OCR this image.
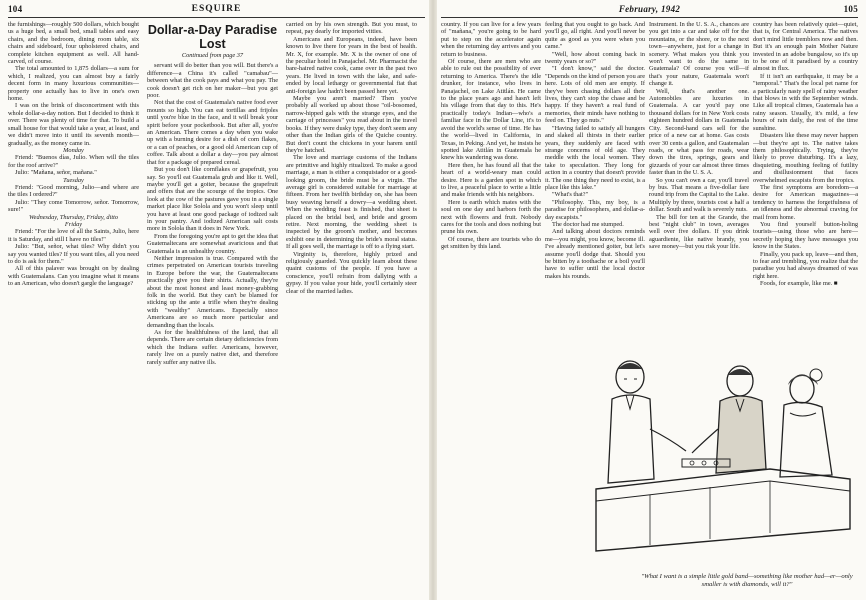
104	ESQUIRE

the furnishings—roughly 500 dollars, which bought us a huge bed, a small bed, small tables and easy chairs, and the bedroom, dining room table, six chairs and sideboard, four upholstered chairs, and complete kitchen equipment as well. All hand-carved, of course.

The total amounted to 1,875 dollars—a sum for which, I realized, you can almost buy a fairly decent form in many luxurious communities—property one actually has to live in one's own home.

I was on the brink of disconcertment with this whole dollar-a-day notion. But I decided to think it over. There was plenty of time for that. To build a small house for that would take a year, at least, and we didn't move into it until its seventh month—gradually, as the money came in.

Monday

Friend: "Buenos días, Julio. When will the tiles for the roof arrive?"

Julio: "Mañana, señor, mañana."

Tuesday

Friend: "Good morning, Julio—and where are the tiles I ordered?"

Julio: "They come Tomorrow, señor. Tomorrow, sure!"

Wednesday, Thursday, Friday, ditto

Friday

Friend: "For the love of all the Saints, Julio, here it is Saturday, and still I have no tiles!"

Julio: "But, señor, what tiles? Why didn't you say you wanted tiles? If you want tiles, all you need to do is ask for them."

All of this palaver was brought on by dealing with Guatemalans. Can you imagine what it means to an American, who doesn't gargle the language?

Dollar-a-Day Paradise Lost
Continued from page 37

servant will do better than you will. But there's a difference—a China it's called "camabau"—between what the cook pays and what you pay. The cook doesn't get rich on her maker—but you get poor.

Not that the cost of Guatemala's native food ever mounts so high. You can eat tortillas and frijoles until you're blue in the face, and it will break your spirit before your pocketbook. But after all, you're an American. There comes a day when you wake up with a burning desire for a dish of corn flakes, or a can of peaches, or a good old American cup of coffee. Talk about a dollar a day—you pay almost that for a package of prepared cereal.

But you don't like cornflakes or grapefruit, you say. So you'll eat Guatemala grub and like it. Well, maybe you'll get a goiter, because the grapefruit and offers that are the scourge of the tropics. One look at the cow of the pastures gave you in a single market place like Solola and you won't sleep until you have at least one good package of iodized salt in your pantry. And iodized American salt costs more in Solola than it does in New York.

From the foregoing you're apt to get the idea that Guatemaltecans are somewhat avaricious and that Guatemala is an unhealthy country.

Neither impression is true. Compared with the crimes perpetrated on American tourists traveling in Europe before the war, the Guatemaltecans practically give you their shirts. Actually, they're about the most honest and least money-grabbing folk in the world. But they can't be blamed for sticking up the ante a trifle when they're dealing with "wealthy" Americans. Especially since Americans are so much more particular and demanding than the locals.

As for the healthfulness of the land, that all depends. There are certain dietary deficiencies from which the Indians suffer. Americans, however, rarely live on a purely native diet, and therefore rarely suffer any native ills.

carried on by his own strength. But you must, to repeat, pay dearly for imported vitties.

Americans and Europeans, indeed, have been known to live there for years in the best of health. Mr. X, for example. Mr. X is the owner of one of the peculiar hotel in Panajachel. Mr. Pharmacist the bare-haired native cook, came over in the past two years. He lived in town with the lake, and safe-ended by local lethargy or governmental fiat that anti-foreign law hadn't been passed here yet.

Maybe you aren't married? Then you've probably all worked up about those "oil-bosomed, narrow-hipped gals with the strange eyes, and the carriage of princesses" you read about in the travel books. If they were dusky type, they don't seem any other than the Indian girls of the Quiche country. But don't count the chickens in your harem until they're hatched.

The love and marriage customs of the Indians are primitive and highly ritualized. To make a good marriage, a man is either a conquistador or a good-looking groom, the bride must be a virgin. The average girl is considered suitable for marriage at fifteen. From her twelfth birthday on, she has been busy weaving herself a dowry—a wedding sheet. When the wedding feast is finished, that sheet is placed on the bridal bed, and bride and groom retire. Next morning, the wedding sheet is inspected by the groom's mother, and becomes exhibit one in determining the bride's moral status. If all goes well, the marriage is off to a flying start.

Virginity is, therefore, highly prized and religiously guarded. You quickly learn about these quaint customs of the people. If you have a conscience, you'll refrain from dallying with a gypsy. If you value your hide, you'll certainly steer clear of the married ladies.

February, 1942	105

country. If you can live for a few years of "mañana," you're going to be hard put to step on the accelerator again when the returning day arrives and you return to business.

Of course, there are men who are able to rule out the possibility of ever returning to America. There's the idle drunker, for instance, who lives in Panajachel, on Lake Atitlán. He came to the place years ago and hasn't left his village from that day to this. He's practically today's Indian—who's a familiar face in the Dollar Line, it's to avoid the world's sense of time. He has the world—lived in California, in Texas, in Peking. And yet, he insists he spotted lake Atitlán in Guatemala he knew his wandering was done.

Here then, he has found all that the heart of a world-weary man could desire. Here is a garden spot in which to live, a peaceful place to write a little and make friends with his neighbors.

Here is earth which mates with the soul on one day and harbors forth the next with flowers and fruit. Nobody cares for the tools and does nothing but prune his own.

Of course, there are tourists who do get smitten by this land.

feeling that you ought to go back. And you'll go, all right. And you'll never be quite as good as you were when you came."

"Well, how about coming back in twenty years or so?"

"I don't know," said the doctor. "Depends on the kind of person you are here. Lots of old men are empty. If they've been chasing dollars all their lives, they can't stop the chase and be happy. If they haven't a real fund of memories, their minds have nothing to feed on. They go nuts."

"Having failed to satisfy all hungers and slaked all thirsts in their earlier years, they suddenly are faced with strange concerns of old age. They meddle with the local women. They take to speculation. They long for action in a country that doesn't provide it. The one thing they need to exist, is a place like this lake."

"What's that?"

"Philosophy. This, my boy, is a paradise for philosophers, and dollar-a-day escapists."

The doctor had me stumped.

And talking about doctors reminds me—you might, you know, become ill. I've already mentioned goiter, but let's assume you'll dodge that. Should you be bitten by a toothache or a boil you'll have to suffer until the local doctor makes his rounds.

Instrument. In the U. S. A., chances are you get into a car and take off for the mountains, or the shore, or to the next town—anywhere, just for a change in scenery. What makes you think you won't want to do the same in Guatemala? Of course you will—if that's your nature, Guatemala won't change it.

Well, that's another one. Automobiles are luxuries in Guatemala. A car you'd pay one thousand dollars for in New York costs eighteen hundred dollars in Guatemala City. Second-hand cars sell for the price of a new car at home. Gas costs over 30 cents a gallon, and Guatemalan roads, or what pass for roads, wear down the tires, springs, gears and gizzards of your car almost three times faster than in the U. S. A.

So you can't own a car, you'll travel by bus. That means a five-dollar fare round trip from the Capital to the Lake. Multiply by three, tourists cost a half a dollar. South and walk is severely nuts.

The bill for ten at the Grande, the best "night club" in town, averages well over five dollars. If you drink aguardiente, like native brandy, you save money—but you risk your life.

country has been relatively quiet—quiet, that is, for Central America. The natives don't mind little tremblors now and then. But it's an enough pain Mother Nature invested in an adobe bungalow, so it's up to be one of it paradised by a country almost in flux.

If it isn't an earthquake, it may be a "temporal." That's the local pet name for a particularly nasty spell of rainy weather that blows in with the September winds. Like all tropical climes, Guatemala has a rainy season. Usually, it's mild, a few hours of rain daily, the rest of the time sunshine.

Disasters like these may never happen—but they're apt to. The native takes them philosophically. Trying, they're likely to prove disturbing. It's a lazy, disquieting, mouthing feeling of futility and disillusionment that faces overwhelmed escapists from the tropics.

The first symptoms are boredom—a desire for American magazines—a tendency to harness the forgetfulness of an idleness and the abnormal craving for mail from home.

You find yourself button-holing tourists—using those who are here—secretly hoping they have messages you know in the States.

Finally, you pack up, leave—and then, to fear and trembling, you realize that the paradise you had always dreamed of was right here.

Foods, for example, like me. ■

"What I want is a simple little gold band—something like mother had—er—only smaller is with diamonds, will it?"
